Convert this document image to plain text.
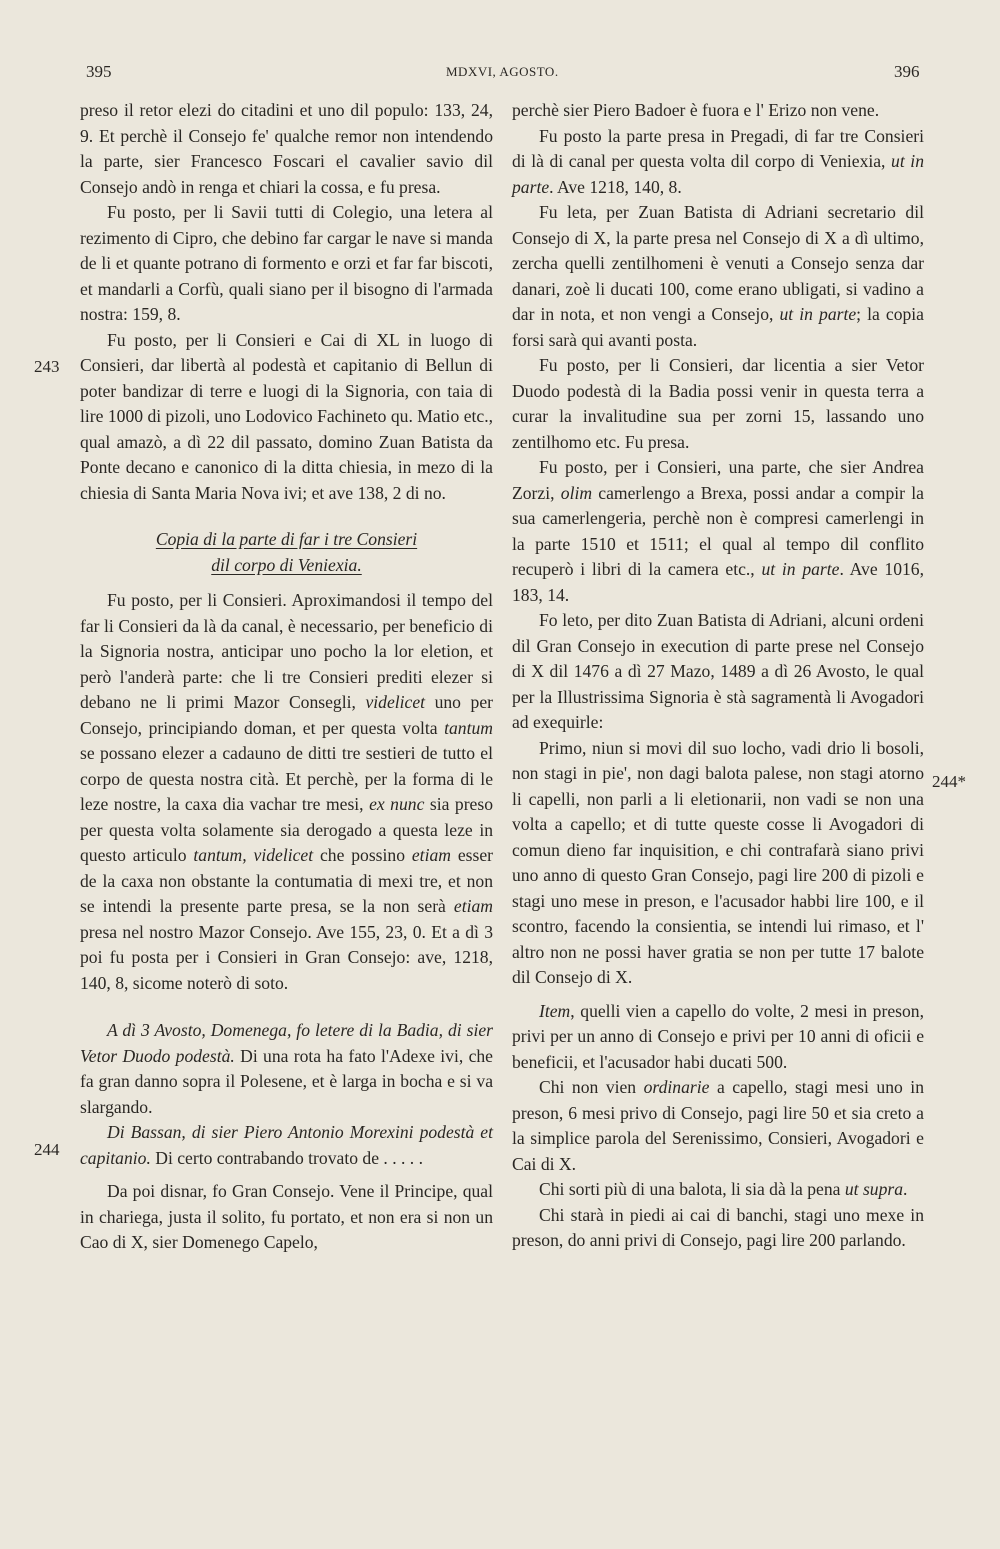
395	MDXVI, AGOSTO.	396
243
244
244*

preso il retor elezi do citadini et uno dil populo: 133, 24, 9. Et perchè il Consejo fe' qualche remor non intendendo la parte, sier Francesco Foscari el cavalier savio dil Consejo andò in renga et chiari la cossa, e fu presa.

Fu posto, per li Savii tutti di Colegio, una letera al rezimento di Cipro, che debino far cargar le nave si manda de li et quante potrano di formento e orzi et far far biscoti, et mandarli a Corfù, quali siano per il bisogno di l'armada nostra: 159, 8.

Fu posto, per li Consieri e Cai di XL in luogo di Consieri, dar libertà al podestà et capitanio di Bellun di poter bandizar di terre e luogi di la Signoria, con taia di lire 1000 di pizoli, uno Lodovico Fachineto qu. Matio etc., qual amazò, a dì 22 dil passato, domino Zuan Batista da Ponte decano e canonico di la ditta chiesia, in mezo di la chiesia di Santa Maria Nova ivi; et ave 138, 2 di no.

Copia di la parte di far i tre Consieri
dil corpo di Veniexia.

Fu posto, per li Consieri. Aproximandosi il tempo del far li Consieri da là da canal, è necessario, per beneficio di la Signoria nostra, anticipar uno pocho la lor eletion, et però l'anderà parte: che li tre Consieri prediti elezer si debano ne li primi Mazor Consegli, videlicet uno per Consejo, principiando doman, et per questa volta tantum se possano elezer a cadauno de ditti tre sestieri de tutto el corpo de questa nostra cità. Et perchè, per la forma di le leze nostre, la caxa dia vachar tre mesi, ex nunc sia preso per questa volta solamente sia derogado a questa leze in questo articulo tantum, videlicet che possino etiam esser de la caxa non obstante la contumatia di mexi tre, et non se intendi la presente parte presa, se la non serà etiam presa nel nostro Mazor Consejo. Ave 155, 23, 0. Et a dì 3 poi fu posta per i Consieri in Gran Consejo: ave, 1218, 140, 8, sicome noterò di soto.

A dì 3 Avosto, Domenega, fo letere di la Badia, di sier Vetor Duodo podestà. Di una rota ha fato l'Adexe ivi, che fa gran danno sopra il Polesene, et è larga in bocha e si va slargando.

Di Bassan, di sier Piero Antonio Morexini podestà et capitanio. Di certo contrabando trovato de . . . . .

Da poi disnar, fo Gran Consejo. Vene il Principe, qual in chariega, justa il solito, fu portato, et non era si non un Cao di X, sier Domenego Capelo,

perchè sier Piero Badoer è fuora e l' Erizo non vene.

Fu posto la parte presa in Pregadi, di far tre Consieri di là di canal per questa volta dil corpo di Veniexia, ut in parte. Ave 1218, 140, 8.

Fu leta, per Zuan Batista di Adriani secretario dil Consejo di X, la parte presa nel Consejo di X a dì ultimo, zercha quelli zentilhomeni è venuti a Consejo senza dar danari, zoè li ducati 100, come erano ubligati, si vadino a dar in nota, et non vengi a Consejo, ut in parte; la copia forsi sarà qui avanti posta.

Fu posto, per li Consieri, dar licentia a sier Vetor Duodo podestà di la Badia possi venir in questa terra a curar la invalitudine sua per zorni 15, lassando uno zentilhomo etc. Fu presa.

Fu posto, per i Consieri, una parte, che sier Andrea Zorzi, olim camerlengo a Brexa, possi andar a compir la sua camerlengeria, perchè non è compresi camerlengi in la parte 1510 et 1511; el qual al tempo dil conflito recuperò i libri di la camera etc., ut in parte. Ave 1016, 183, 14.

Fo leto, per dito Zuan Batista di Adriani, alcuni ordeni dil Gran Consejo in execution di parte prese nel Consejo di X dil 1476 a dì 27 Mazo, 1489 a dì 26 Avosto, le qual per la Illustrissima Signoria è stà sagramentà li Avogadori ad exequirle:

Primo, niun si movi dil suo locho, vadi drio li bosoli, non stagi in pie', non dagi balota palese, non stagi atorno li capelli, non parli a li eletionarii, non vadi se non una volta a capello; et di tutte queste cosse li Avogadori di comun dieno far inquisition, e chi contrafarà siano privi uno anno di questo Gran Consejo, pagi lire 200 di pizoli e stagi uno mese in preson, e l'acusador habbi lire 100, e il scontro, facendo la consientia, se intendi lui rimaso, et l' altro non ne possi haver gratia se non per tutte 17 balote dil Consejo di X.

Item, quelli vien a capello do volte, 2 mesi in preson, privi per un anno di Consejo e privi per 10 anni di oficii e beneficii, et l'acusador habi ducati 500.

Chi non vien ordinarie a capello, stagi mesi uno in preson, 6 mesi privo di Consejo, pagi lire 50 et sia creto a la simplice parola del Serenissimo, Consieri, Avogadori e Cai di X.

Chi sorti più di una balota, li sia dà la pena ut supra.

Chi starà in piedi ai cai di banchi, stagi uno mexe in preson, do anni privi di Consejo, pagi lire 200 parlando.
